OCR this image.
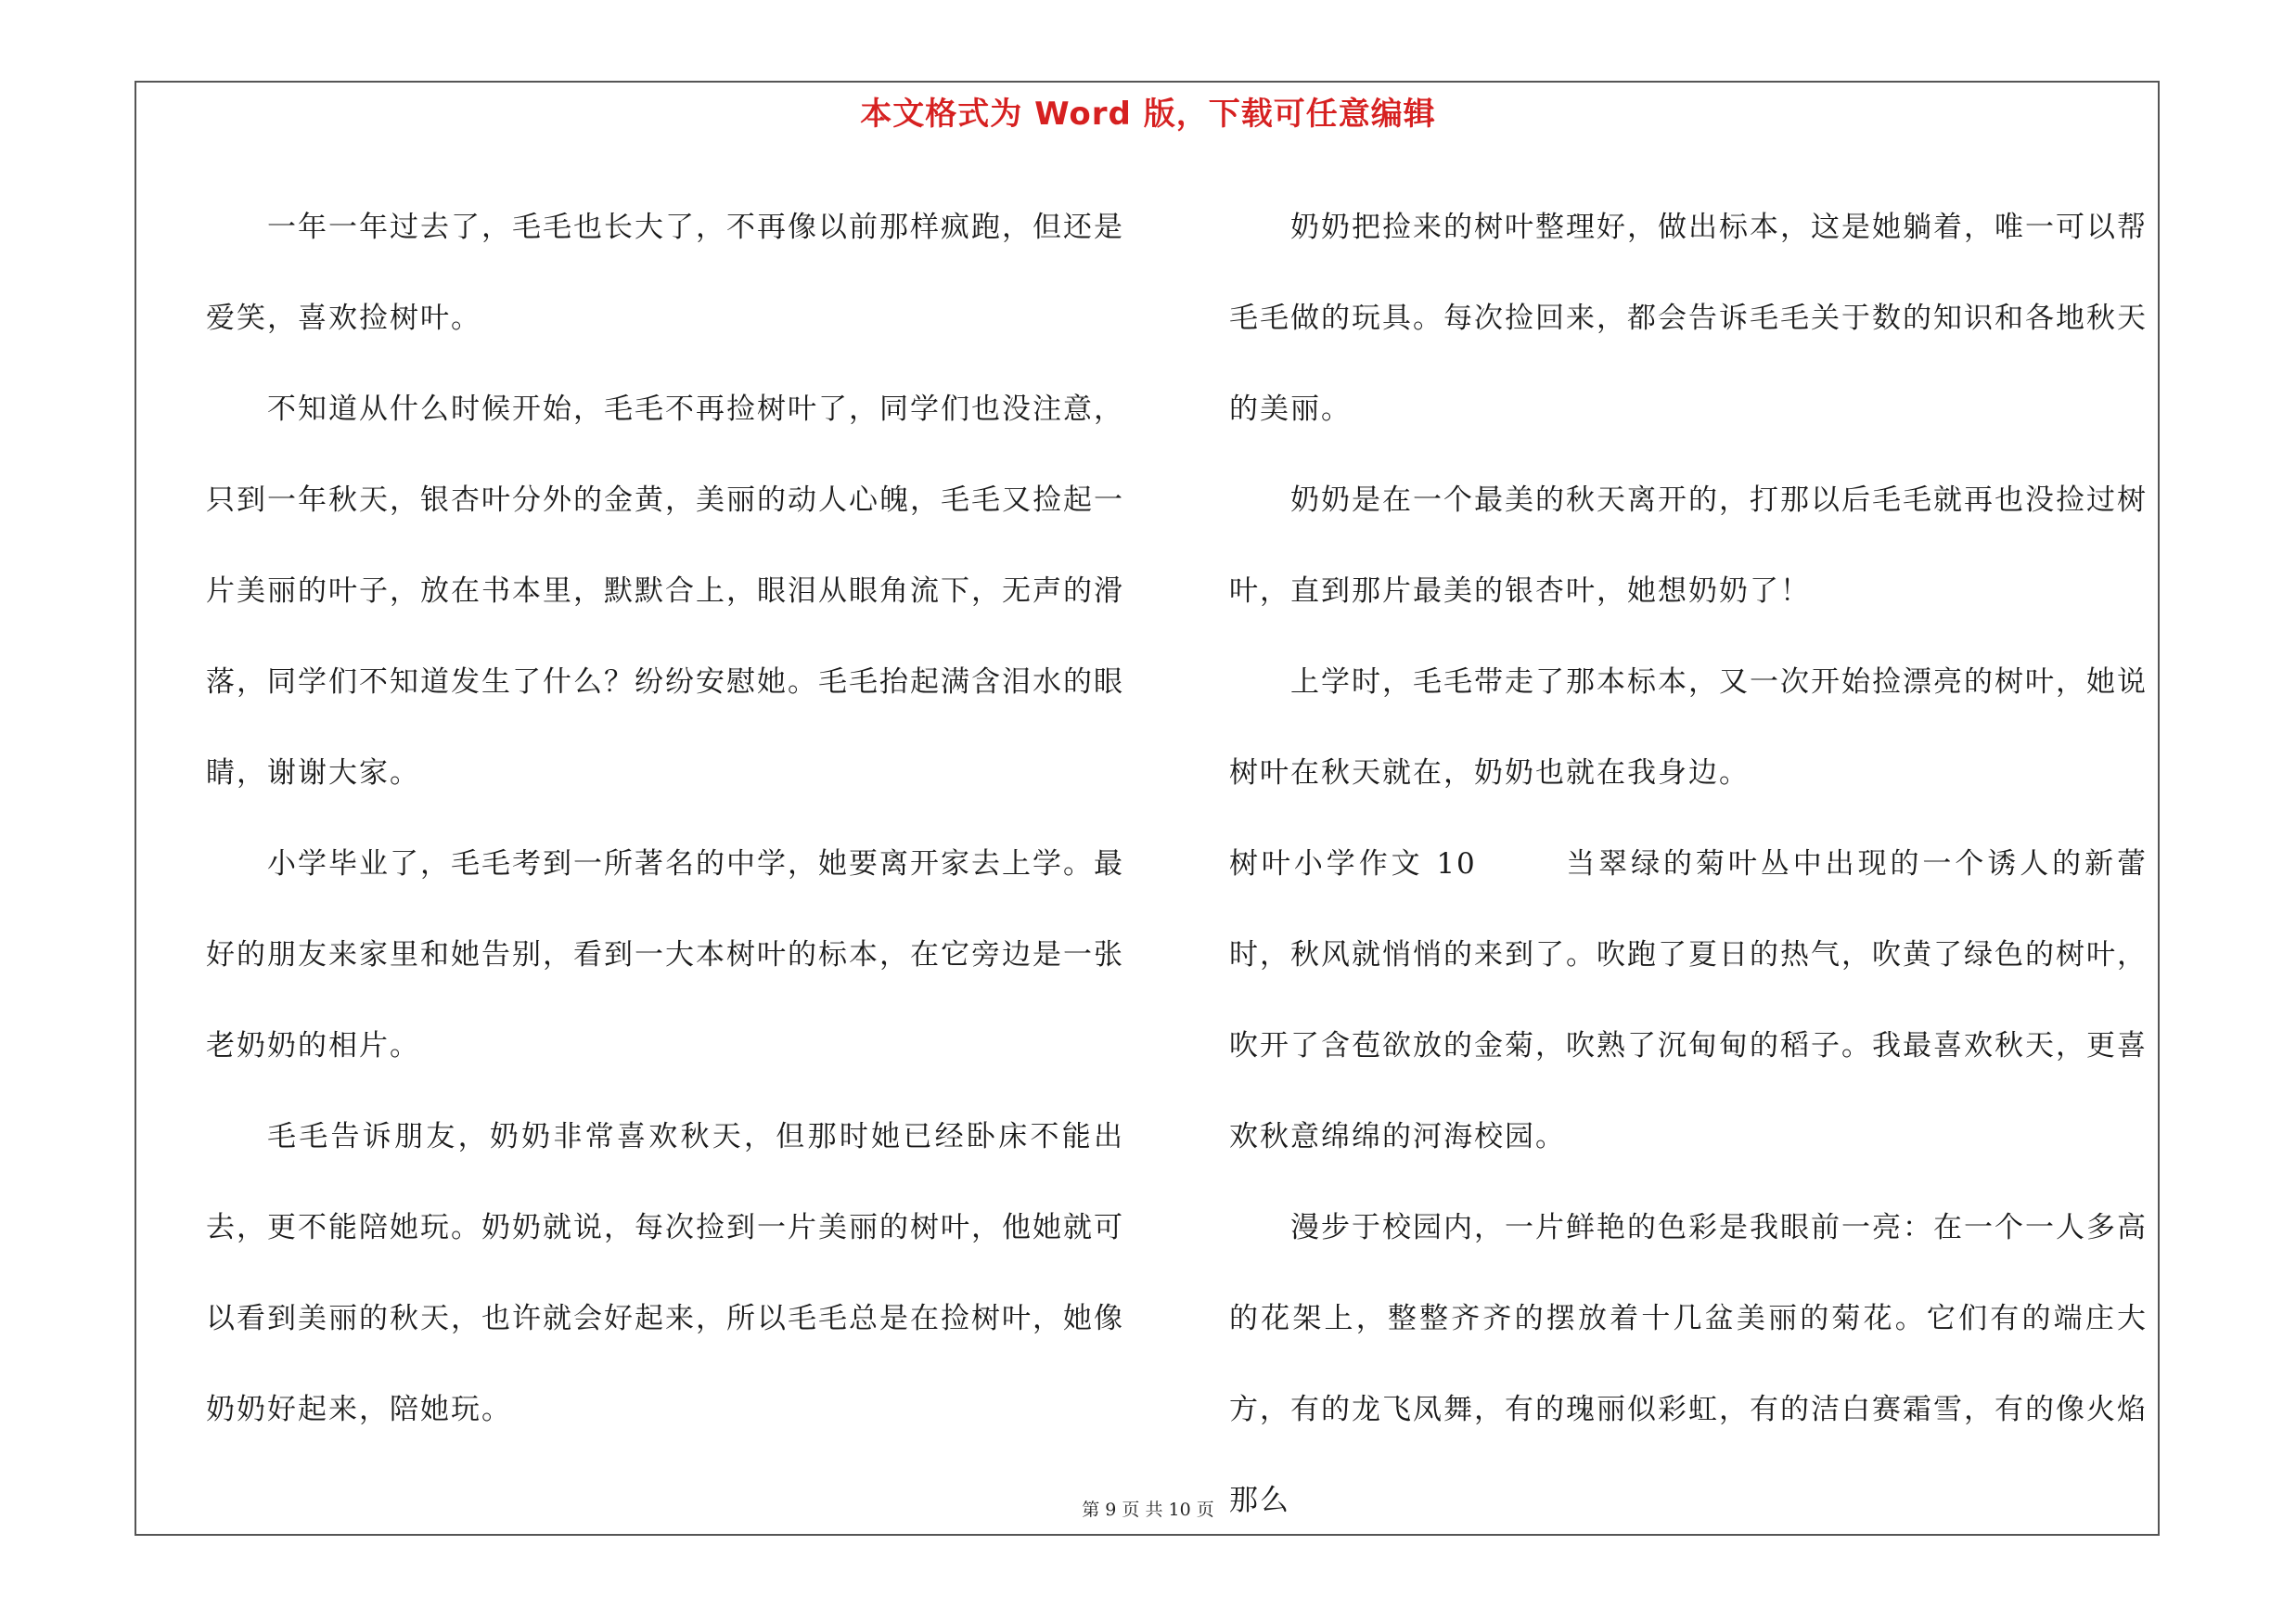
本文格式为 Word 版，下载可任意编辑

一年一年过去了，毛毛也长大了，不再像以前那样疯跑，但还是爱笑，喜欢捡树叶。

不知道从什么时候开始，毛毛不再捡树叶了，同学们也没注意，只到一年秋天，银杏叶分外的金黄，美丽的动人心魄，毛毛又捡起一片美丽的叶子，放在书本里，默默合上，眼泪从眼角流下，无声的滑落，同学们不知道发生了什么？纷纷安慰她。毛毛抬起满含泪水的眼睛，谢谢大家。

小学毕业了，毛毛考到一所著名的中学，她要离开家去上学。最好的朋友来家里和她告别，看到一大本树叶的标本，在它旁边是一张老奶奶的相片。

毛毛告诉朋友，奶奶非常喜欢秋天，但那时她已经卧床不能出去，更不能陪她玩。奶奶就说，每次捡到一片美丽的树叶，他她就可以看到美丽的秋天，也许就会好起来，所以毛毛总是在捡树叶，她像奶奶好起来，陪她玩。

奶奶把捡来的树叶整理好，做出标本，这是她躺着，唯一可以帮毛毛做的玩具。每次捡回来，都会告诉毛毛关于数的知识和各地秋天的美丽。

奶奶是在一个最美的秋天离开的，打那以后毛毛就再也没捡过树叶，直到那片最美的银杏叶，她想奶奶了！

上学时，毛毛带走了那本标本，又一次开始捡漂亮的树叶，她说树叶在秋天就在，奶奶也就在我身边。

树叶小学作文 10	当翠绿的菊叶丛中出现的一个诱人的新蕾时，秋风就悄悄的来到了。吹跑了夏日的热气，吹黄了绿色的树叶，吹开了含苞欲放的金菊，吹熟了沉甸甸的稻子。我最喜欢秋天，更喜欢秋意绵绵的河海校园。

漫步于校园内，一片鲜艳的色彩是我眼前一亮：在一个一人多高的花架上，整整齐齐的摆放着十几盆美丽的菊花。它们有的端庄大方，有的龙飞凤舞，有的瑰丽似彩虹，有的洁白赛霜雪，有的像火焰那么

第 9 页 共 10 页
